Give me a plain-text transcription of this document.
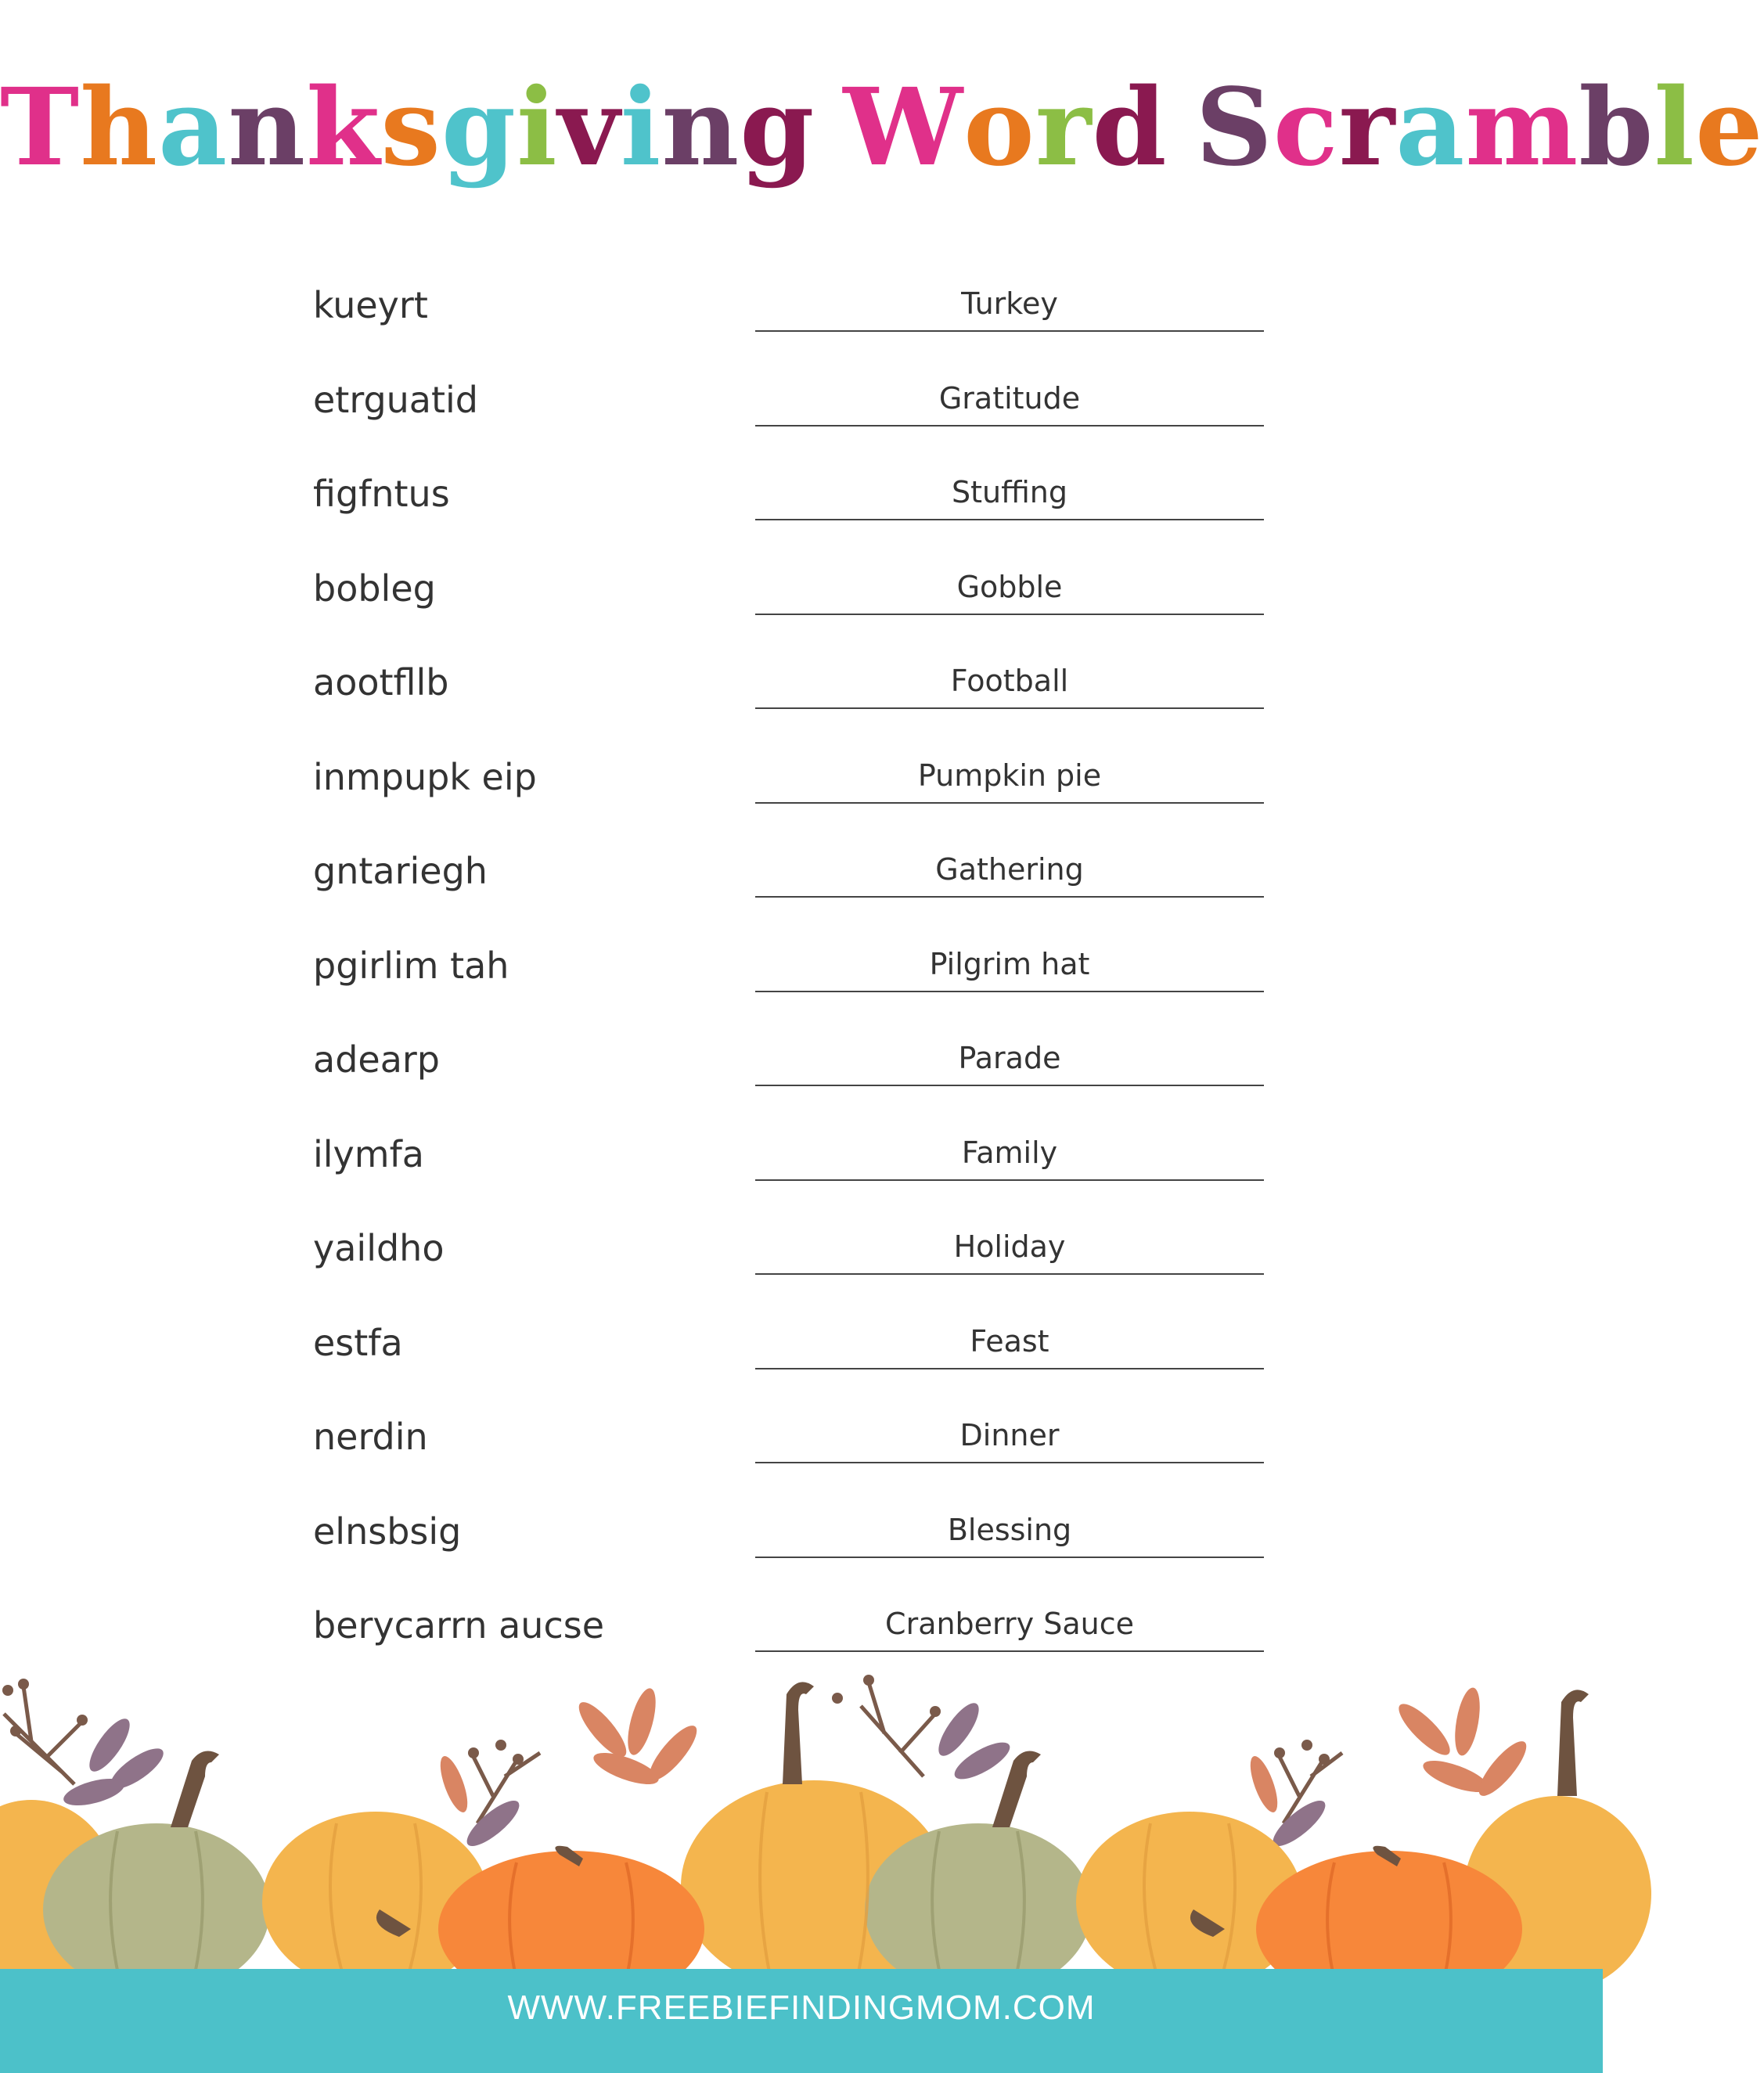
Thanksgiving Word Scramble
kueyrt	Turkey
etrguatid	Gratitude
figfntus	Stuffing
bobleg	Gobble
aootfllb	Football
inmpupk eip	Pumpkin pie
gntariegh	Gathering
pgirlim tah	Pilgrim hat
adearp	Parade
ilymfa	Family
yaildho	Holiday
estfa	Feast
nerdin	Dinner
elnsbsig	Blessing
berycarrn aucse	Cranberry Sauce
WWW.FREEBIEFINDINGMOM.COM
